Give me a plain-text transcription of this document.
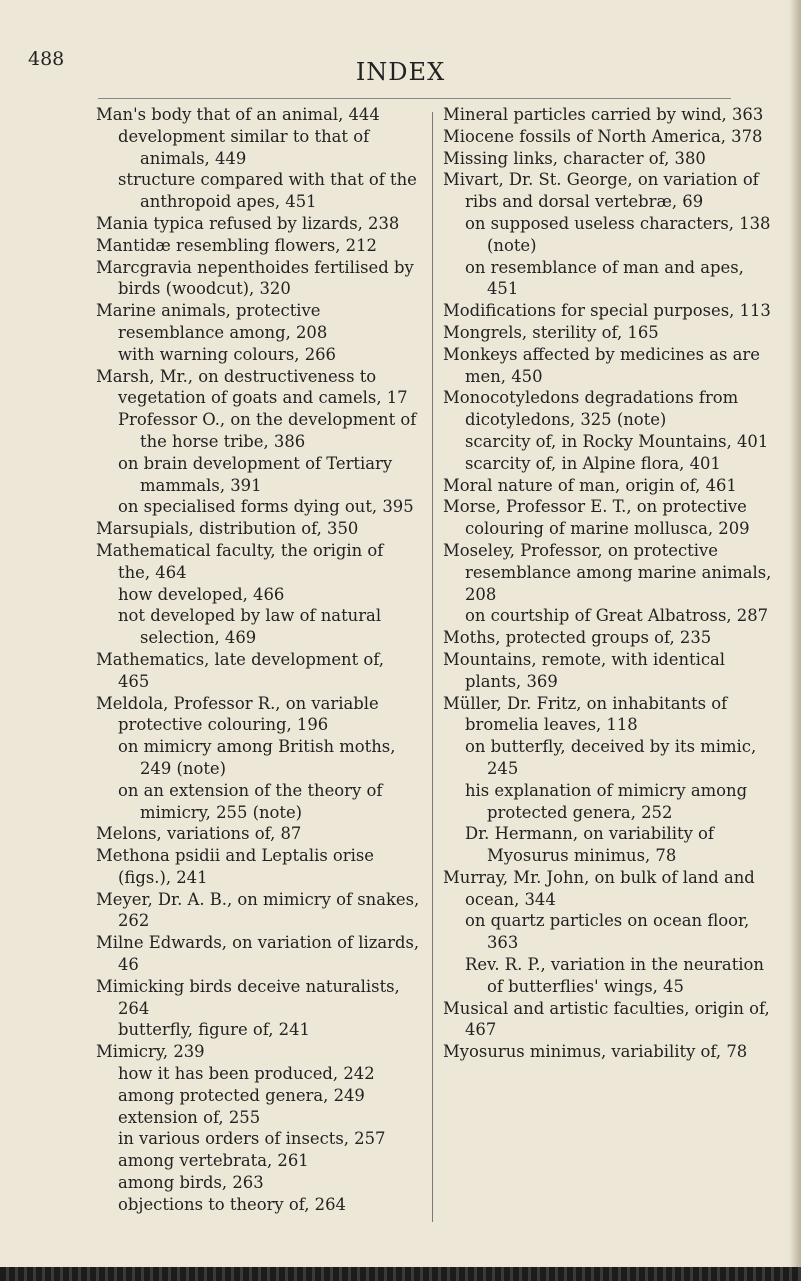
488	INDEX

Man's body that of an animal, 444

development similar to that of animals, 449

structure compared with that of the anthropoid apes, 451

Mania typica refused by lizards, 238

Mantidæ resembling flowers, 212

Marcgravia nepenthoides fertilised by birds (woodcut), 320

Marine animals, protective resemblance among, 208

with warning colours, 266

Marsh, Mr., on destructiveness to vegetation of goats and camels, 17

Professor O., on the development of the horse tribe, 386

on brain development of Tertiary mammals, 391

on specialised forms dying out, 395

Marsupials, distribution of, 350

Mathematical faculty, the origin of the, 464

how developed, 466

not developed by law of natural selection, 469

Mathematics, late development of, 465

Meldola, Professor R., on variable protective colouring, 196

on mimicry among British moths, 249 (note)

on an extension of the theory of mimicry, 255 (note)

Melons, variations of, 87

Methona psidii and Leptalis orise (figs.), 241

Meyer, Dr. A. B., on mimicry of snakes, 262

Milne Edwards, on variation of lizards, 46

Mimicking birds deceive naturalists, 264

butterfly, figure of, 241

Mimicry, 239

how it has been produced, 242

among protected genera, 249

extension of, 255

in various orders of insects, 257

among vertebrata, 261

among birds, 263

objections to theory of, 264

Mineral particles carried by wind, 363

Miocene fossils of North America, 378

Missing links, character of, 380

Mivart, Dr. St. George, on variation of ribs and dorsal vertebræ, 69

on supposed useless characters, 138 (note)

on resemblance of man and apes, 451

Modifications for special purposes, 113

Mongrels, sterility of, 165

Monkeys affected by medicines as are men, 450

Monocotyledons degradations from dicotyledons, 325 (note)

scarcity of, in Rocky Mountains, 401

scarcity of, in Alpine flora, 401

Moral nature of man, origin of, 461

Morse, Professor E. T., on protective colouring of marine mollusca, 209

Moseley, Professor, on protective resemblance among marine animals, 208

on courtship of Great Albatross, 287

Moths, protected groups of, 235

Mountains, remote, with identical plants, 369

Müller, Dr. Fritz, on inhabitants of bromelia leaves, 118

on butterfly, deceived by its mimic, 245

his explanation of mimicry among protected genera, 252

Dr. Hermann, on variability of Myosurus minimus, 78

Murray, Mr. John, on bulk of land and ocean, 344

on quartz particles on ocean floor, 363

Rev. R. P., variation in the neuration of butterflies' wings, 45

Musical and artistic faculties, origin of, 467

Myosurus minimus, variability of, 78
